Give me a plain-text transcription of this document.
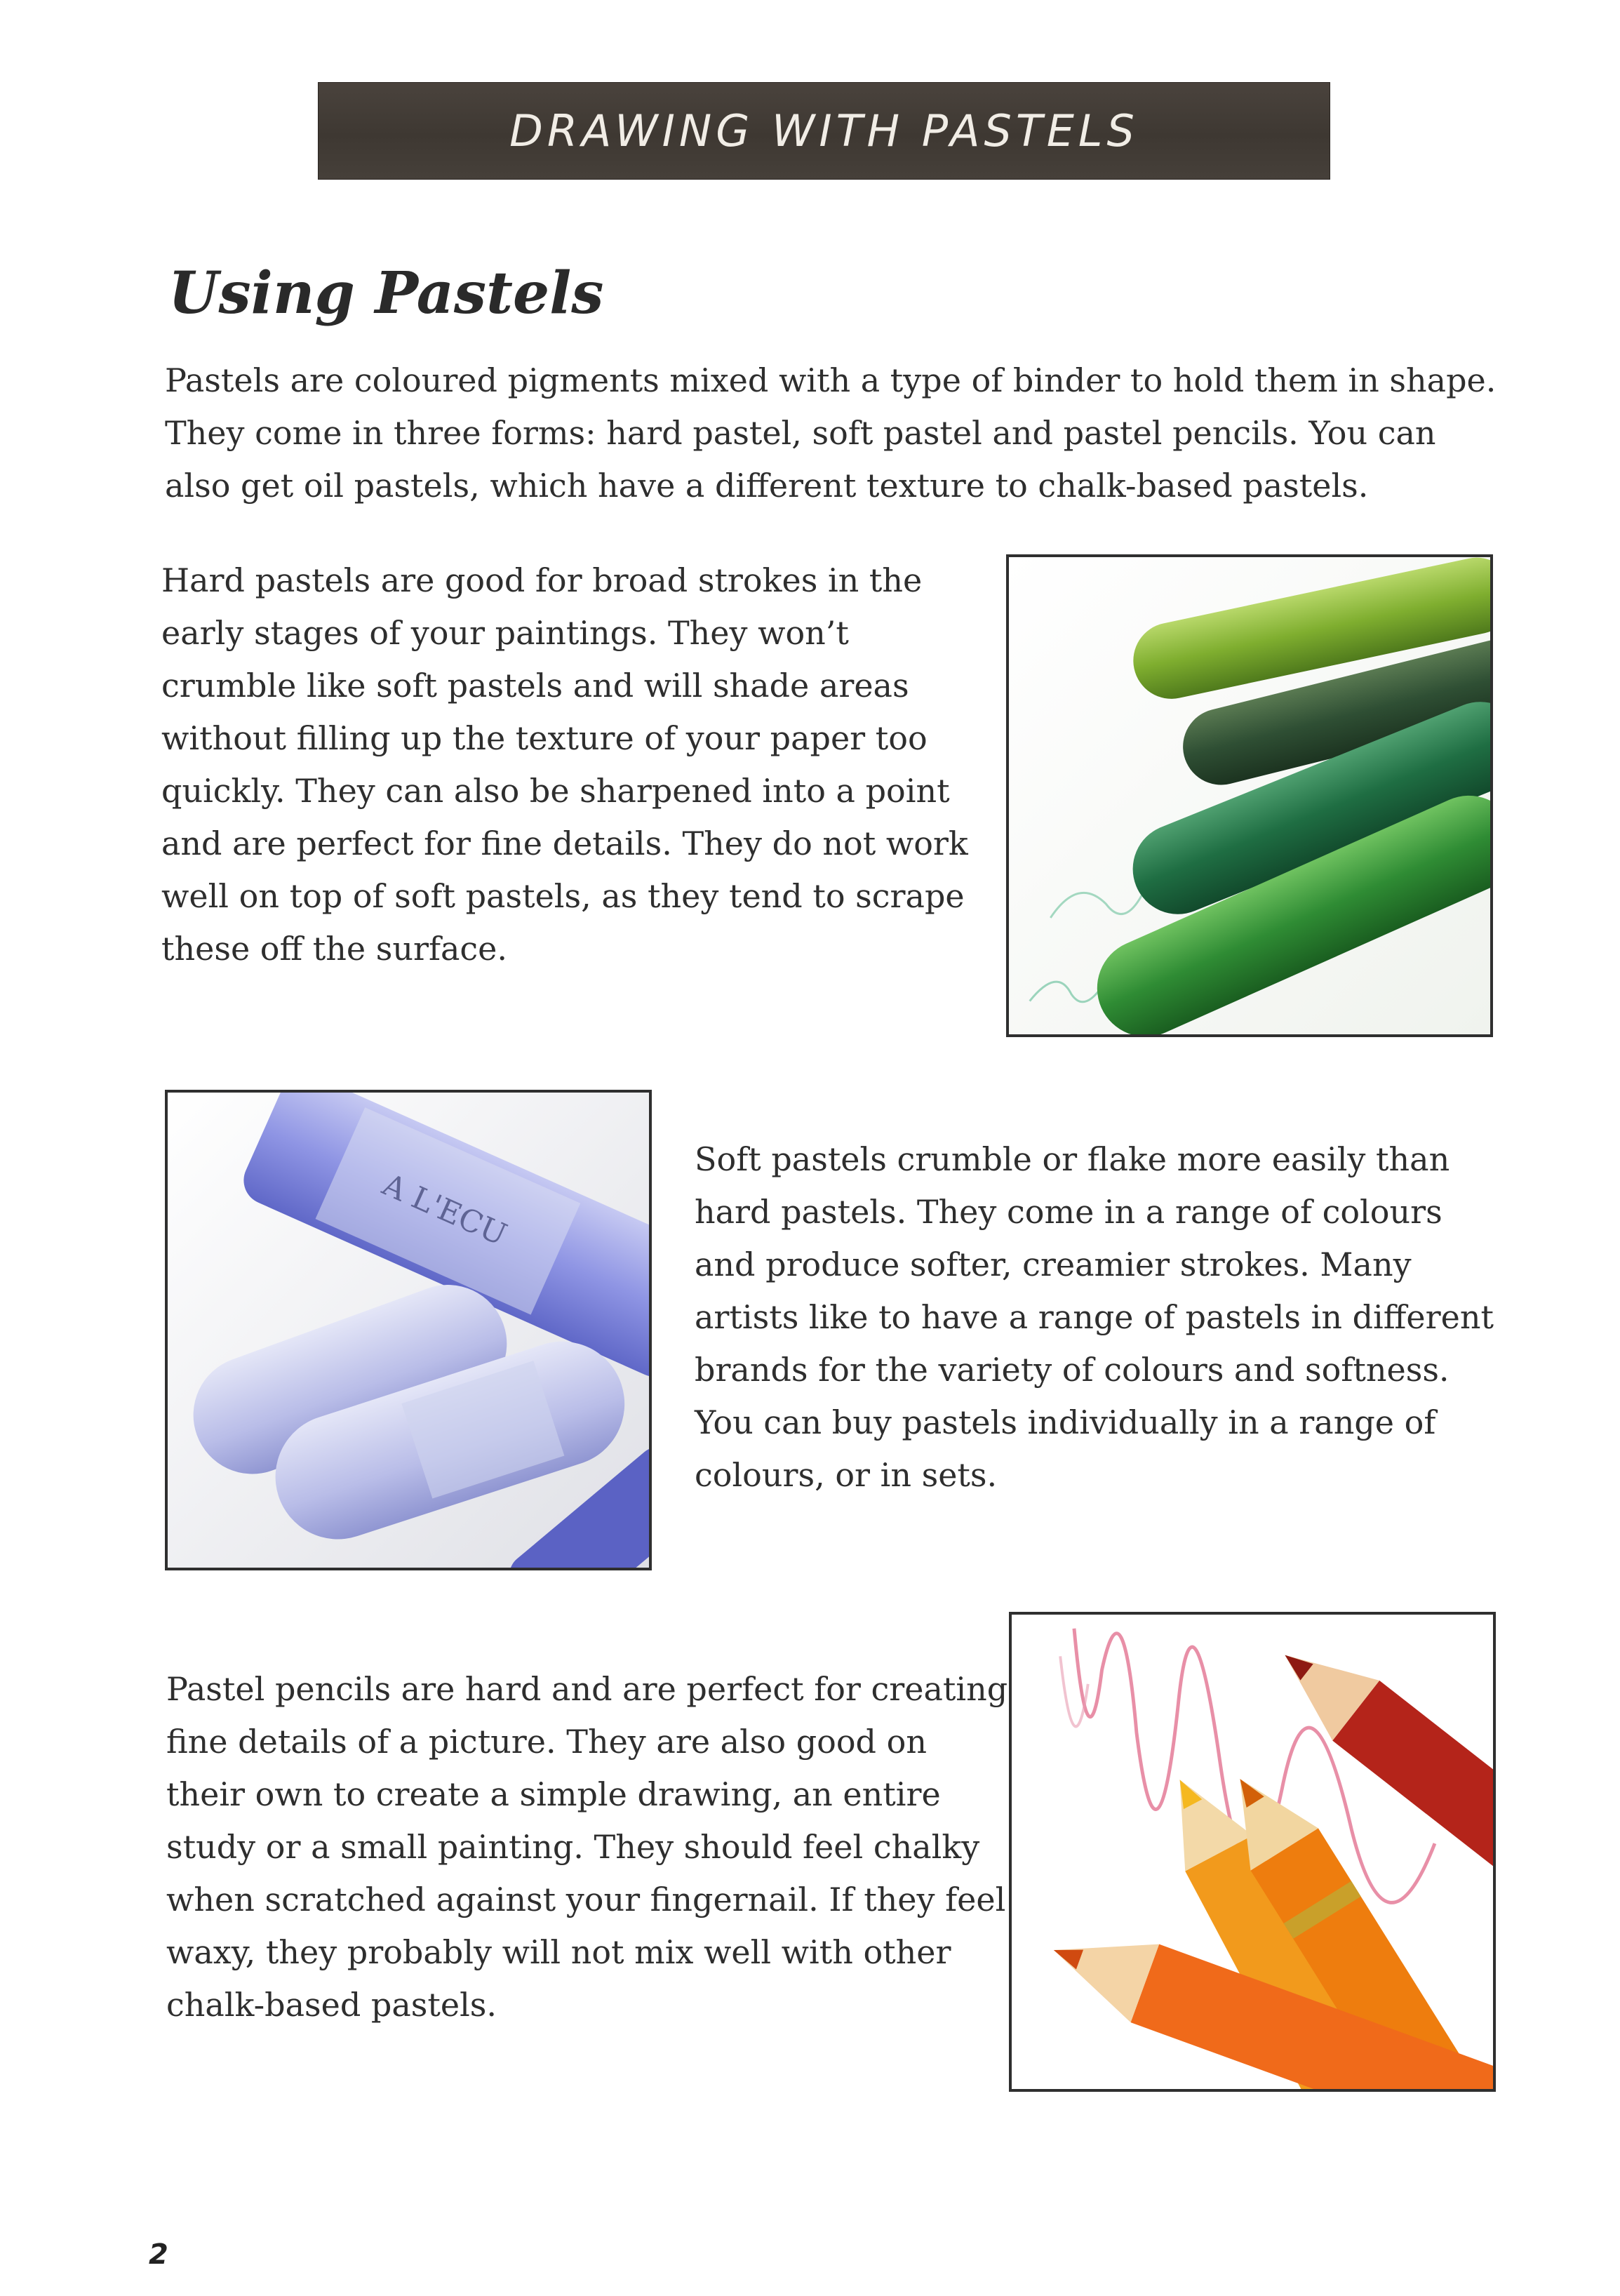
DRAWING WITH PASTELS
Using Pastels

Pastels are coloured pigments mixed with a type of binder to hold them in shape. They come in three forms: hard pastel, soft pastel and pastel pencils. You can also get oil pastels, which have a different texture to chalk-based pastels.

Hard pastels are good for broad strokes in the early stages of your paintings. They won’t crumble like soft pastels and will shade areas without filling up the texture of your paper too quickly. They can also be sharpened into a point and are perfect for fine details. They do not work well on top of soft pastels, as they tend to scrape these off the surface.

A L'ECU

Soft pastels crumble or flake more easily than hard pastels. They come in a range of colours and produce softer, creamier strokes. Many artists like to have a range of pastels in different brands for the variety of colours and softness. You can buy pastels individually in a range of colours, or in sets.

Pastel pencils are hard and are perfect for creating fine details of a picture. They are also good on their own to create a simple drawing, an entire study or a small painting. They should feel chalky when scratched against your fingernail. If they feel waxy, they probably will not mix well with other chalk-based pastels.

2
